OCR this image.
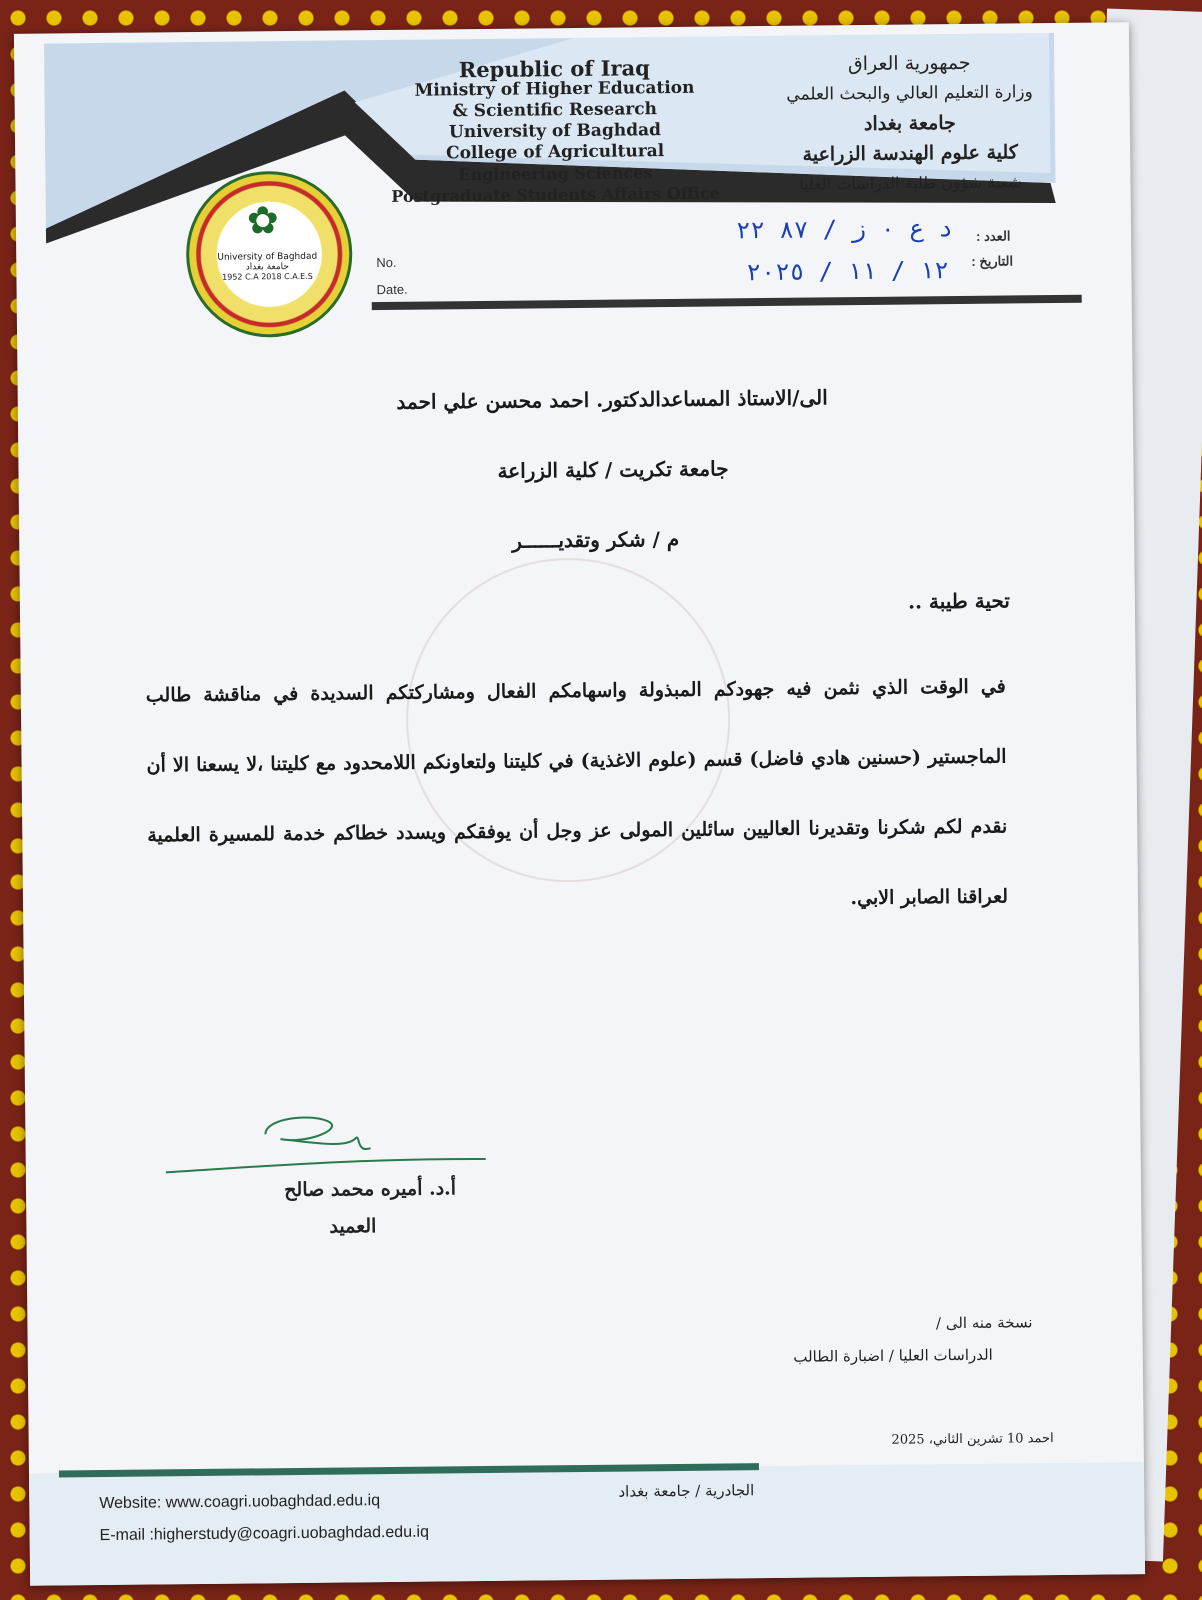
Republic of Iraq
Ministry of Higher Education
& Scientific Research
University of Baghdad
College of Agricultural
Engineering Sciences
Postgraduate Students Affairs Office
جمهورية العراق
وزارة التعليم العالي والبحث العلمي
جامعة بغداد
كلية علوم الهندسة الزراعية
شعبة شؤون طلبة الدراسات العليا
✿
University of Baghdad جامعة بغداد
1952 C.A 2018 C.A.E.S
No.
Date.
العدد :
التاريخ :
د ع ٠ ز / ٨٧ ٢٢
١٢ / ١١ / ٢٠٢٥
الى/الاستاذ المساعدالدكتور. احمد محسن علي احمد
جامعة تكريت / كلية الزراعة
م / شكر وتقديــــــر
تحية طيبة ..
في الوقت الذي نثمن فيه جهودكم المبذولة واسهامكم الفعال ومشاركتكم السديدة في مناقشة طالب الماجستير (حسنين هادي فاضل) قسم (علوم الاغذية) في كليتنا ولتعاونكم اللامحدود مع كليتنا ،لا يسعنا الا أن نقدم لكم شكرنا وتقديرنا العاليين سائلين المولى عز وجل أن يوفقكم ويسدد خطاكم خدمة للمسيرة العلمية لعراقنا الصابر الابي.
أ.د. أميره محمد صالح
العميد
نسخة منه الى /
الدراسات العليا / اضبارة الطالب
احمد 10 تشرين الثاني، 2025
Website: www.coagri.uobaghdad.edu.iq
E-mail :higherstudy@coagri.uobaghdad.edu.iq
الجادرية / جامعة بغداد
